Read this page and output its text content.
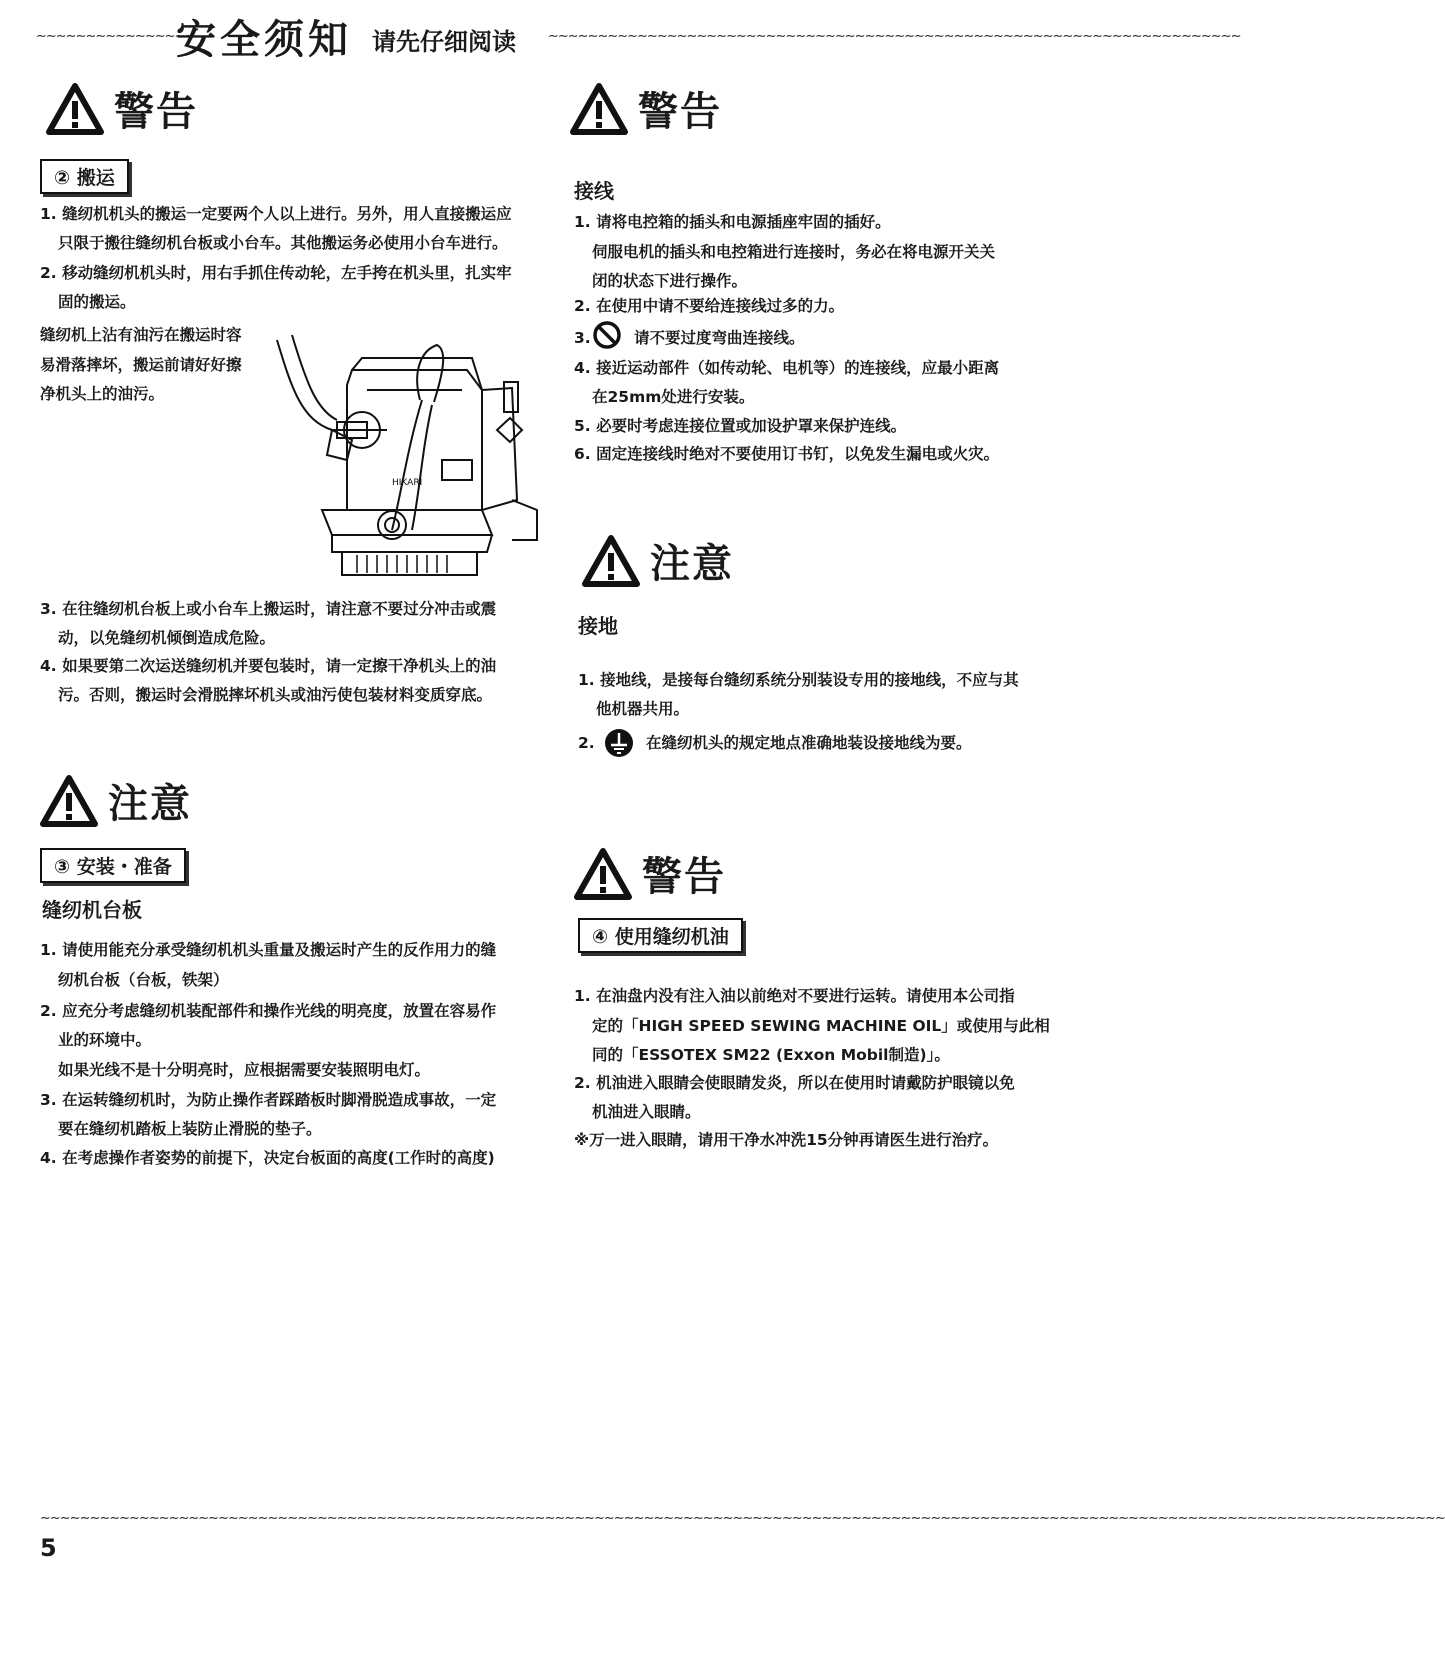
∼∼∼∼∼∼∼∼∼∼∼∼∼∼∼∼	∼∼∼∼∼∼∼∼∼∼∼∼∼∼∼∼∼∼∼∼∼∼∼∼∼∼∼∼∼∼∼∼∼∼∼∼∼∼∼∼∼∼∼∼∼∼∼∼∼∼∼∼∼∼∼∼∼∼∼∼∼∼∼∼∼∼∼∼∼∼
安全须知 请先仔细阅读
警告
② 搬运
1. 缝纫机机头的搬运一定要两个人以上进行。另外，用人直接搬运应
只限于搬往缝纫机台板或小台车。其他搬运务必使用小台车进行。
2. 移动缝纫机机头时，用右手抓住传动轮，左手挎在机头里，扎实牢
固的搬运。
缝纫机上沾有油污在搬运时容
易滑落摔坏，搬运前请好好擦
净机头上的油污。
HIKARI
3. 在往缝纫机台板上或小台车上搬运时，请注意不要过分冲击或震
动，以免缝纫机倾倒造成危险。
4. 如果要第二次运送缝纫机并要包装时，请一定擦干净机头上的油
污。否则，搬运时会滑脱摔坏机头或油污使包装材料变质穿底。
注意
③ 安装・准备
缝纫机台板
1. 请使用能充分承受缝纫机机头重量及搬运时产生的反作用力的缝
纫机台板（台板，铁架）
2. 应充分考虑缝纫机装配部件和操作光线的明亮度，放置在容易作
业的环境中。
如果光线不是十分明亮时，应根据需要安装照明电灯。
3. 在运转缝纫机时，为防止操作者踩踏板时脚滑脱造成事故，一定
要在缝纫机踏板上装防止滑脱的垫子。
4. 在考虑操作者姿势的前提下，决定台板面的高度(工作时的高度)
警告
接线
1. 请将电控箱的插头和电源插座牢固的插好。
伺服电机的插头和电控箱进行连接时，务必在将电源开关关
闭的状态下进行操作。
2. 在使用中请不要给连接线过多的力。
3.	请不要过度弯曲连接线。
4. 接近运动部件（如传动轮、电机等）的连接线，应最小距离
在25mm处进行安装。
5. 必要时考虑连接位置或加设护罩来保护连线。
6. 固定连接线时绝对不要使用订书钉，以免发生漏电或火灾。
注意
接地
1. 接地线，是接每台缝纫系统分别装设专用的接地线，不应与其
他机器共用。
2.	在缝纫机头的规定地点准确地装设接地线为要。
警告
④ 使用缝纫机油
1. 在油盘内没有注入油以前绝对不要进行运转。请使用本公司指
定的「HIGH SPEED SEWING MACHINE OIL」或使用与此相
同的「ESSOTEX SM22 (Exxon Mobil制造)」。
2. 机油进入眼睛会使眼睛发炎，所以在使用时请戴防护眼镜以免
机油进入眼睛。
※万一进入眼睛，请用干净水冲洗15分钟再请医生进行治疗。
∼∼∼∼∼∼∼∼∼∼∼∼∼∼∼∼∼∼∼∼∼∼∼∼∼∼∼∼∼∼∼∼∼∼∼∼∼∼∼∼∼∼∼∼∼∼∼∼∼∼∼∼∼∼∼∼∼∼∼∼∼∼∼∼∼∼∼∼∼∼∼∼∼∼∼∼∼∼∼∼∼∼∼∼∼∼∼∼∼∼∼∼∼∼∼∼∼∼∼∼∼∼∼∼∼∼∼∼∼∼∼∼∼∼∼∼∼∼∼∼∼∼∼∼∼∼∼∼∼∼∼∼∼∼∼∼∼∼∼∼∼∼
5
